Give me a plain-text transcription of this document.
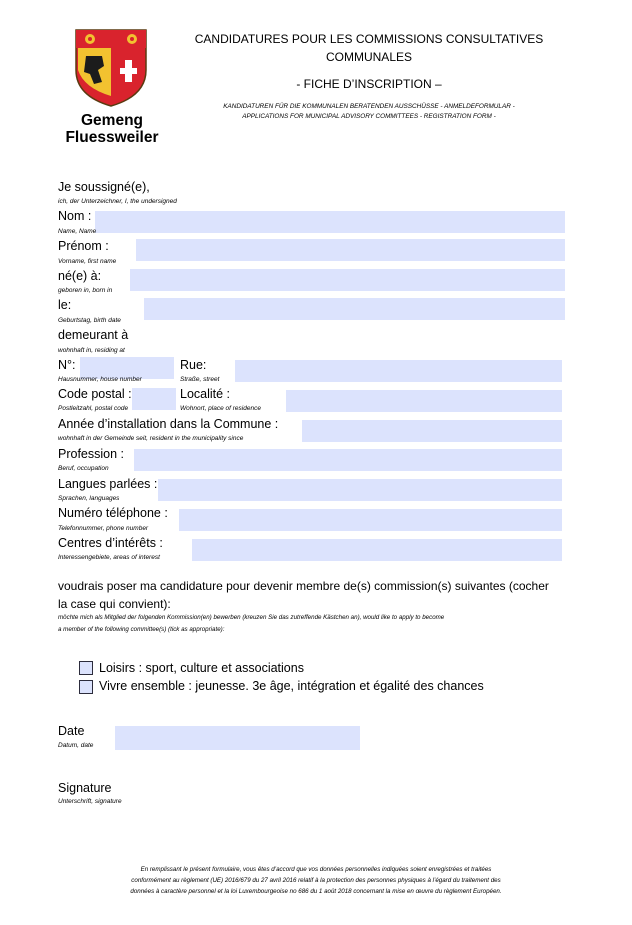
Gemeng
Fluessweiler
CANDIDATURES POUR LES COMMISSIONS CONSULTATIVES
COMMUNALES
- FICHE D’INSCRIPTION –
KANDIDATUREN FÜR DIE KOMMUNALEN BERATENDEN AUSSCHÜSSE - ANMELDEFORMULAR -
APPLICATIONS FOR MUNICIPAL ADVISORY COMMITTEES - REGISTRATION FORM -
Je soussigné(e),
ich, der Unterzeichner, I, the undersigned
Nom :
Name, Name
Prénom :
Vorname, first name
né(e) à:
geboren in, born in
le:
Geburtstag, birth date
demeurant à
wohnhaft in, residing at
N°:
Hausnummer, house number
Rue:
Straße, street
Code postal :
Postleitzahl, postal code
Localité :
Wohnort, place of residence
Année d’installation dans la Commune :
wohnhaft in der Gemeinde seit, resident in the municipality since
Profession :
Beruf, occupation
Langues parlées :
Sprachen, languages
Numéro téléphone :
Telefonnummer, phone number
Centres d’intérêts :
Interessengebiete, areas of interest
voudrais poser ma candidature pour devenir membre de(s) commission(s) suivantes (cocher
la case qui convient):
möchte mich als Mitglied der folgenden Kommission(en) bewerben (kreuzen Sie das zutreffende Kästchen an), would like to apply to become
a member of the following committee(s) (tick as appropriate):
Loisirs : sport, culture et associations
Vivre ensemble : jeunesse. 3e âge, intégration et égalité des chances
Date
Datum, date
Signature
Unterschrift, signature
En remplissant le présent formulaire, vous êtes d’accord que vos données personnelles indiquées soient enregistrées et traitées
conformément au règlement (UE) 2016/679 du 27 avril 2016 relatif à la protection des personnes physiques à l’égard du traitement des
données à caractère personnel et la loi Luxembourgeoise no 686 du 1 août 2018 concernant la mise en œuvre du règlement Européen.
